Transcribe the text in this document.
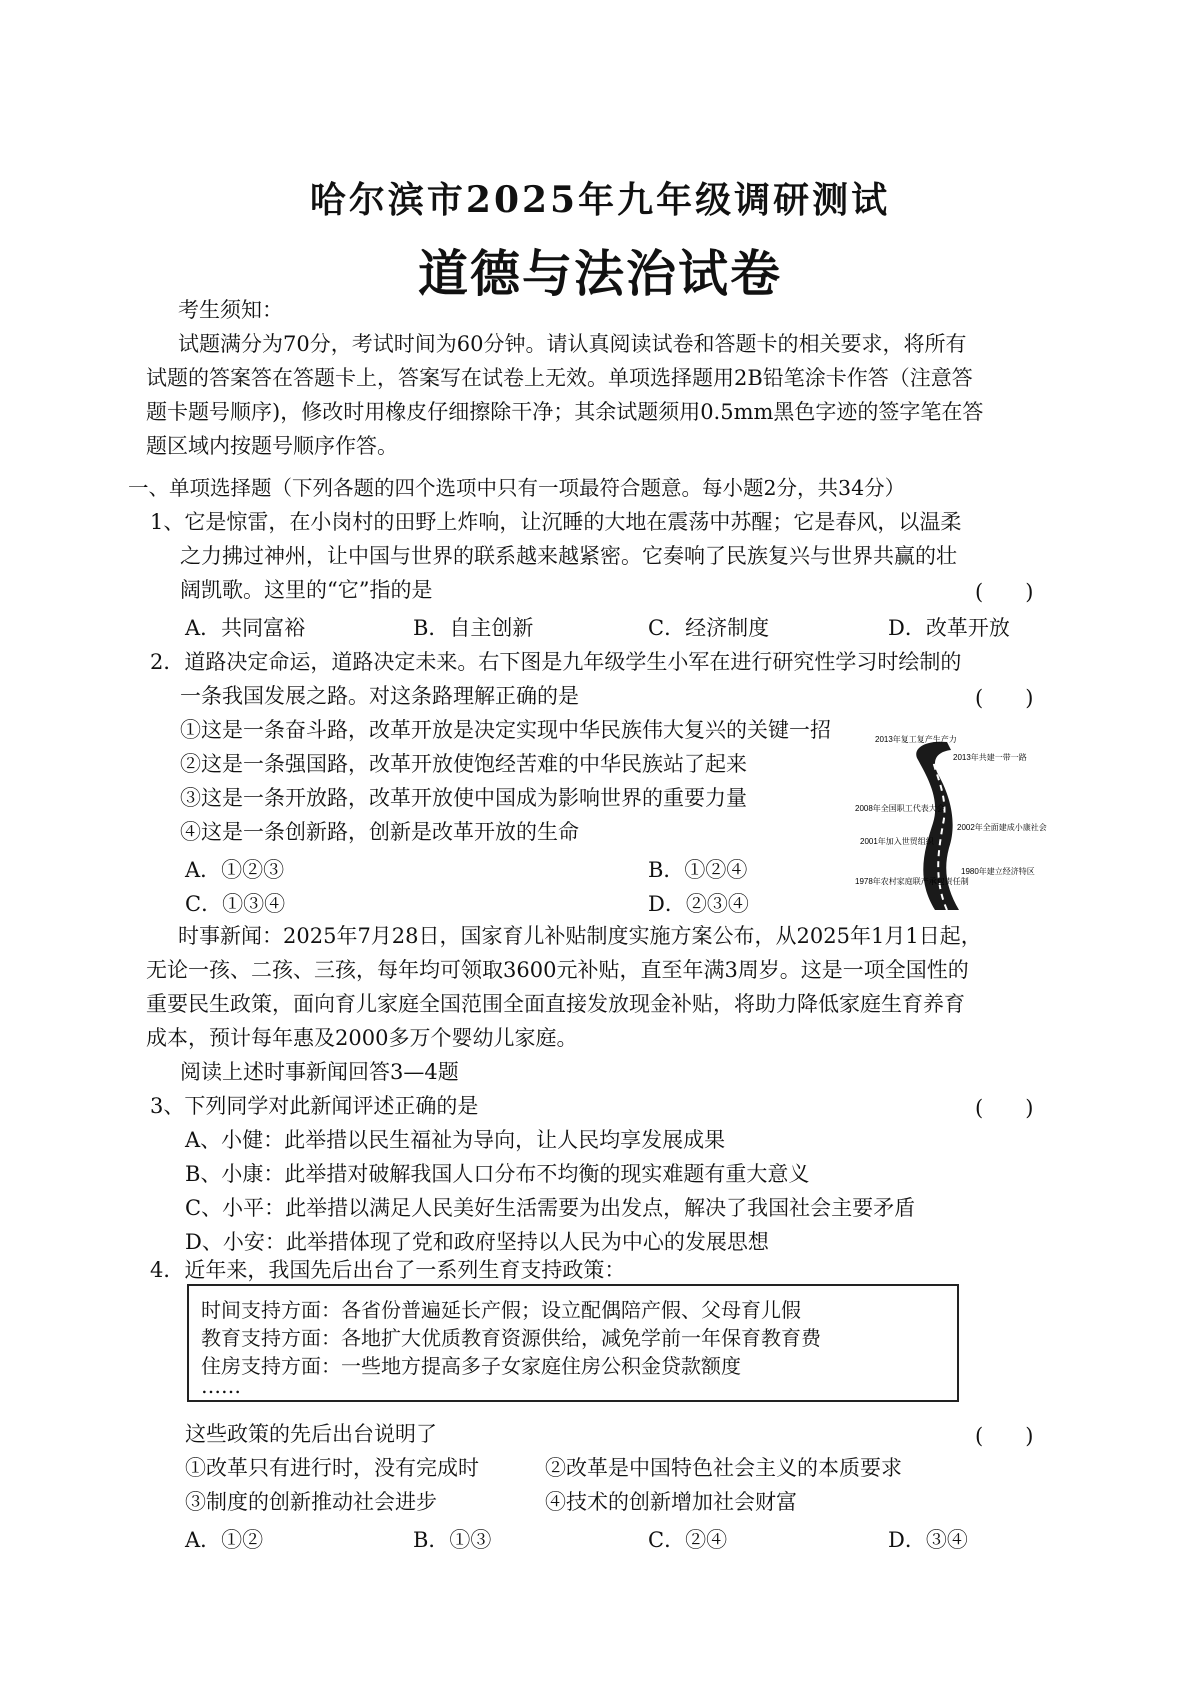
哈尔滨市2025年九年级调研测试
道德与法治试卷
考生须知：
试题满分为70分，考试时间为60分钟。请认真阅读试卷和答题卡的相关要求，将所有
试题的答案答在答题卡上，答案写在试卷上无效。单项选择题用2B铅笔涂卡作答（注意答
题卡题号顺序)，修改时用橡皮仔细擦除干净；其余试题须用0.5mm黑色字迹的签字笔在答
题区域内按题号顺序作答。
一、单项选择题（下列各题的四个选项中只有一项最符合题意。每小题2分，共34分）
1、它是惊雷，在小岗村的田野上炸响，让沉睡的大地在震荡中苏醒；它是春风，以温柔
之力拂过神州，让中国与世界的联系越来越紧密。它奏响了民族复兴与世界共赢的壮
阔凯歌。这里的“它”指的是	(　　)
A．共同富裕	B．自主创新	C．经济制度	D．改革开放
2．道路决定命运，道路决定未来。右下图是九年级学生小军在进行研究性学习时绘制的
一条我国发展之路。对这条路理解正确的是	(　　)
①这是一条奋斗路，改革开放是决定实现中华民族伟大复兴的关键一招
②这是一条强国路，改革开放使饱经苦难的中华民族站了起来
③这是一条开放路，改革开放使中国成为影响世界的重要力量
④这是一条创新路，创新是改革开放的生命
A．①②③	B．①②④
C．①③④	D．②③④
2013年复工复产生产力
2013年共建一带一路
2008年全国职工代表大会
2002年全面建成小康社会
2001年加入世贸组织
1978年农村家庭联产承包责任制
1980年建立经济特区
时事新闻：2025年7月28日，国家育儿补贴制度实施方案公布，从2025年1月1日起，
无论一孩、二孩、三孩，每年均可领取3600元补贴，直至年满3周岁。这是一项全国性的
重要民生政策，面向育儿家庭全国范围全面直接发放现金补贴，将助力降低家庭生育养育
成本，预计每年惠及2000多万个婴幼儿家庭。
阅读上述时事新闻回答3—4题
3、下列同学对此新闻评述正确的是	(　　)
A、小健：此举措以民生福祉为导向，让人民均享发展成果
B、小康：此举措对破解我国人口分布不均衡的现实难题有重大意义
C、小平：此举措以满足人民美好生活需要为出发点，解决了我国社会主要矛盾
D、小安：此举措体现了党和政府坚持以人民为中心的发展思想
4．近年来，我国先后出台了一系列生育支持政策：
时间支持方面：各省份普遍延长产假；设立配偶陪产假、父母育儿假
教育支持方面：各地扩大优质教育资源供给，减免学前一年保育教育费
住房支持方面：一些地方提高多子女家庭住房公积金贷款额度
……
这些政策的先后出台说明了	(　　)
①改革只有进行时，没有完成时	②改革是中国特色社会主义的本质要求
③制度的创新推动社会进步	④技术的创新增加社会财富
A．①②	B．①③	C．②④	D．③④
